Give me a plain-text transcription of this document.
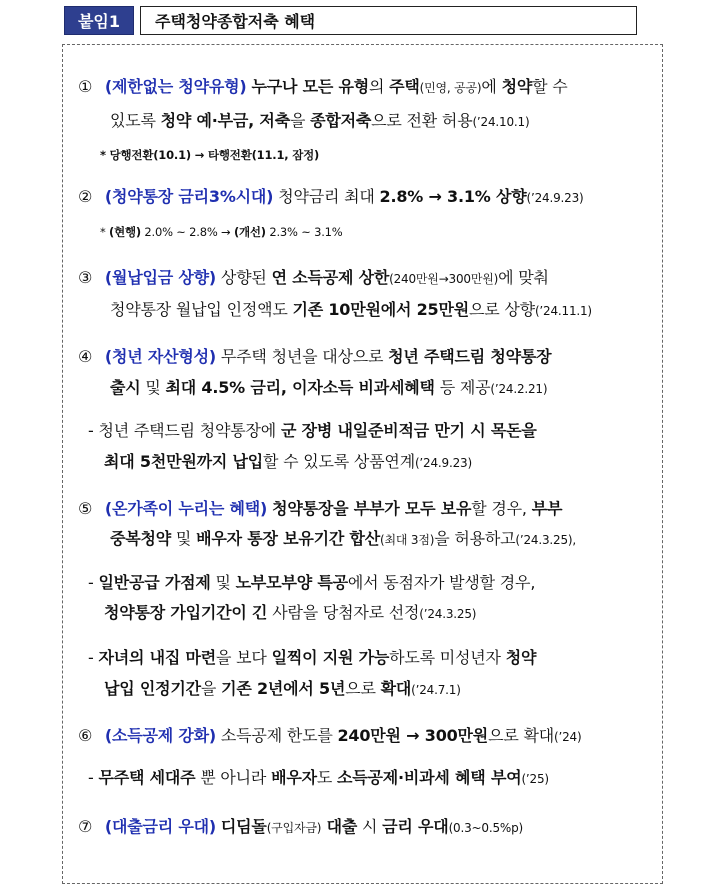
붙임1	주택청약종합저축 혜택
① (제한없는 청약유형) 누구나 모든 유형의 주택(민영, 공공)에 청약할 수
있도록 청약 예·부금, 저축을 종합저축으로 전환 허용(’24.10.1)
* 당행전환(10.1) → 타행전환(11.1, 잠정)
② (청약통장 금리3%시대) 청약금리 최대 2.8% → 3.1% 상향(’24.9.23)
* (현행) 2.0% ~ 2.8% → (개선) 2.3% ~ 3.1%
③ (월납입금 상향) 상향된 연 소득공제 상한(240만원→300만원)에 맞춰
청약통장 월납입 인정액도 기존 10만원에서 25만원으로 상향(’24.11.1)
④ (청년 자산형성) 무주택 청년을 대상으로 청년 주택드림 청약통장
출시 및 최대 4.5% 금리, 이자소득 비과세혜택 등 제공(’24.2.21)
- 청년 주택드림 청약통장에 군 장병 내일준비적금 만기 시 목돈을
최대 5천만원까지 납입할 수 있도록 상품연계(’24.9.23)
⑤ (온가족이 누리는 혜택) 청약통장을 부부가 모두 보유할 경우, 부부
중복청약 및 배우자 통장 보유기간 합산(최대 3점)을 허용하고(’24.3.25),
- 일반공급 가점제 및 노부모부양 특공에서 동점자가 발생할 경우,
청약통장 가입기간이 긴 사람을 당첨자로 선정(’24.3.25)
- 자녀의 내집 마련을 보다 일찍이 지원 가능하도록 미성년자 청약
납입 인정기간을 기존 2년에서 5년으로 확대(’24.7.1)
⑥ (소득공제 강화) 소득공제 한도를 240만원 → 300만원으로 확대(’24)
- 무주택 세대주 뿐 아니라 배우자도 소득공제·비과세 혜택 부여(’25)
⑦ (대출금리 우대) 디딤돌(구입자금) 대출 시 금리 우대(0.3~0.5%p)
